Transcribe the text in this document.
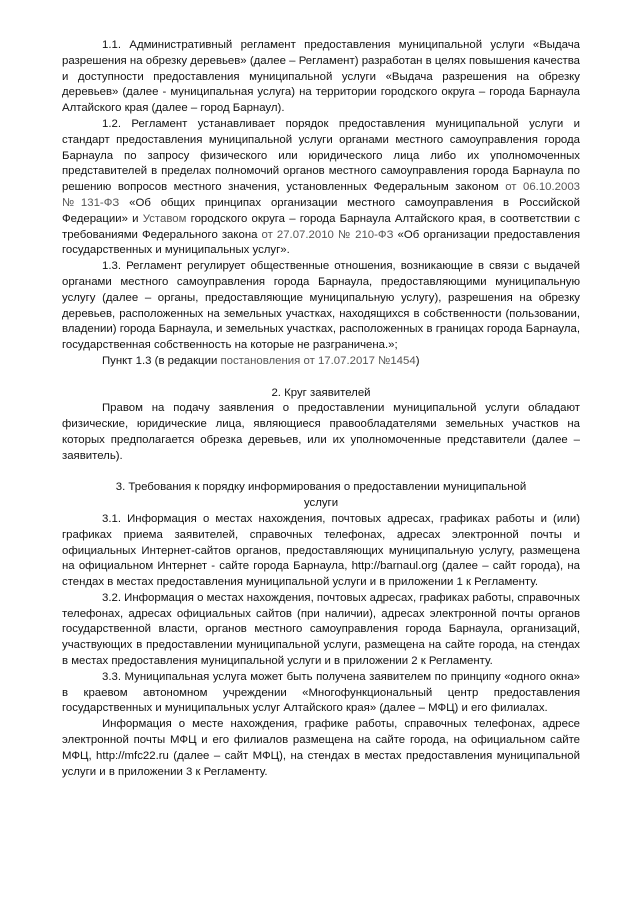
1.1. Административный регламент предоставления муниципальной услуги «Выдача разрешения на обрезку деревьев» (далее – Регламент) разработан в целях повышения качества и доступности предоставления муниципальной услуги «Выдача разрешения на обрезку деревьев» (далее - муниципальная услуга) на территории городского округа – города Барнаула Алтайского края (далее – город Барнаул).

1.2. Регламент устанавливает порядок предоставления муниципальной услуги и стандарт предоставления муниципальной услуги органами местного самоуправления города Барнаула по запросу физического или юридического лица либо их уполномоченных представителей в пределах полномочий органов местного самоуправления города Барнаула по решению вопросов местного значения, установленных Федеральным законом от 06.10.2003 №131-ФЗ «Об общих принципах организации местного самоуправления в Российской Федерации» и Уставом городского округа – города Барнаула Алтайского края, в соответствии с требованиями Федерального закона от 27.07.2010 № 210-ФЗ «Об организации предоставления государственных и муниципальных услуг».

1.3. Регламент регулирует общественные отношения, возникающие в связи с выдачей органами местного самоуправления города Барнаула, предоставляющими муниципальную услугу (далее – органы, предоставляющие муниципальную услугу), разрешения на обрезку деревьев, расположенных на земельных участках, находящихся в собственности (пользовании, владении) города Барнаула, и земельных участках, расположенных в границах города Барнаула, государственная собственность на которые не разграничена.»;

Пункт 1.3 (в редакции постановления от 17.07.2017 №1454)

2. Круг заявителей

Правом на подачу заявления о предоставлении муниципальной услуги обладают физические, юридические лица, являющиеся правообладателями земельных участков на которых предполагается обрезка деревьев, или их уполномоченные представители (далее – заявитель).

3. Требования к порядку информирования о предоставлении муниципальной услуги

3.1. Информация о местах нахождения, почтовых адресах, графиках работы и (или) графиках приема заявителей, справочных телефонах, адресах электронной почты и официальных Интернет-сайтов органов, предоставляющих муниципальную услугу, размещена на официальном Интернет - сайте города Барнаула, http://barnaul.org (далее – сайт города), на стендах в местах предоставления муниципальной услуги и в приложении 1 к Регламенту.

3.2. Информация о местах нахождения, почтовых адресах, графиках работы, справочных телефонах, адресах официальных сайтов (при наличии), адресах электронной почты органов государственной власти, органов местного самоуправления города Барнаула, организаций, участвующих в предоставлении муниципальной услуги, размещена на сайте города, на стендах в местах предоставления муниципальной услуги и в приложении 2 к Регламенту.

3.3. Муниципальная услуга может быть получена заявителем по принципу «одного окна» в краевом автономном учреждении «Многофункциональный центр предоставления государственных и муниципальных услуг Алтайского края» (далее – МФЦ) и его филиалах.

Информация о месте нахождения, графике работы, справочных телефонах, адресе электронной почты МФЦ и его филиалов размещена на сайте города, на официальном сайте МФЦ, http://mfc22.ru (далее – сайт МФЦ), на стендах в местах предоставления муниципальной услуги и в приложении 3 к Регламенту.
